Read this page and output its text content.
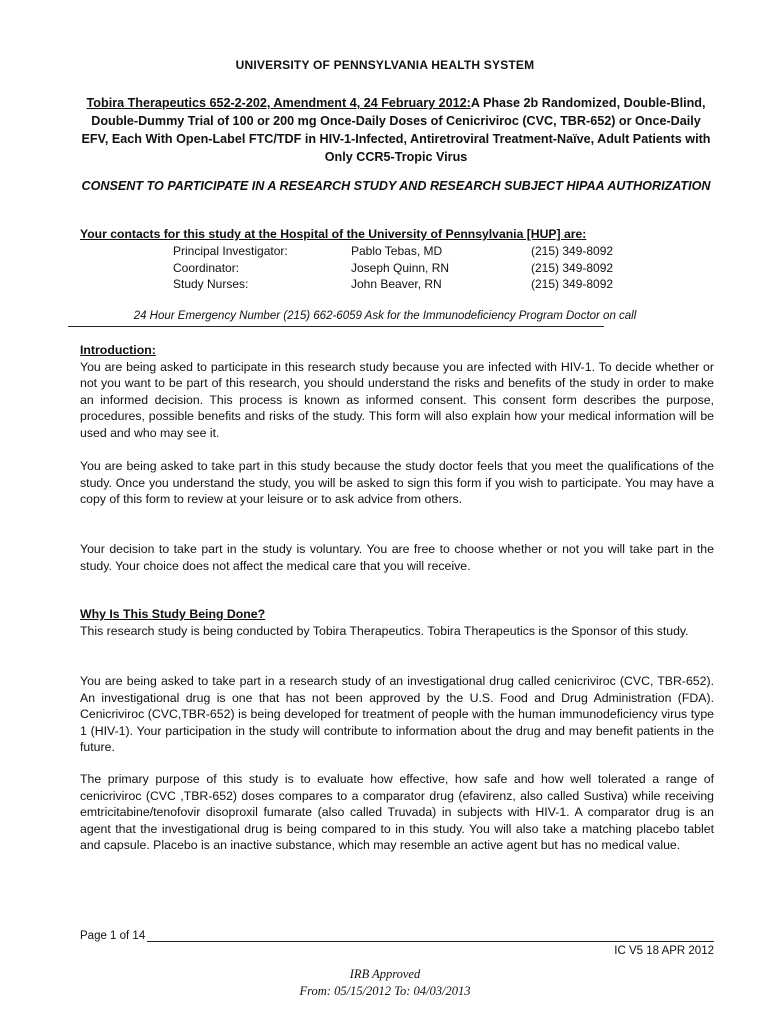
UNIVERSITY OF PENNSYLVANIA HEALTH SYSTEM
Tobira Therapeutics 652-2-202, Amendment 4, 24 February 2012:A Phase 2b Randomized, Double-Blind, Double-Dummy Trial of 100 or 200 mg Once-Daily Doses of Cenicriviroc (CVC, TBR-652) or Once-Daily EFV, Each With Open-Label FTC/TDF in HIV-1-Infected, Antiretroviral Treatment-Naïve, Adult Patients with Only CCR5-Tropic Virus
CONSENT TO PARTICIPATE IN A RESEARCH STUDY AND RESEARCH SUBJECT HIPAA AUTHORIZATION
Your contacts for this study at the Hospital of the University of Pennsylvania [HUP] are:
Principal Investigator:	Pablo Tebas, MD	(215) 349-8092
Coordinator:	Joseph Quinn, RN	(215) 349-8092
Study Nurses:	John Beaver, RN	(215) 349-8092
24 Hour Emergency Number (215) 662-6059 Ask for the Immunodeficiency Program Doctor on call
Introduction:
You are being asked to participate in this research study because you are infected with HIV-1. To decide whether or not you want to be part of this research, you should understand the risks and benefits of the study in order to make an informed decision. This process is known as informed consent. This consent form describes the purpose, procedures, possible benefits and risks of the study. This form will also explain how your medical information will be used and who may see it.
You are being asked to take part in this study because the study doctor feels that you meet the qualifications of the study. Once you understand the study, you will be asked to sign this form if you wish to participate. You may have a copy of this form to review at your leisure or to ask advice from others.
Your decision to take part in the study is voluntary. You are free to choose whether or not you will take part in the study. Your choice does not affect the medical care that you will receive.
Why Is This Study Being Done?
This research study is being conducted by Tobira Therapeutics. Tobira Therapeutics is the Sponsor of this study.
You are being asked to take part in a research study of an investigational drug called cenicriviroc (CVC, TBR-652). An investigational drug is one that has not been approved by the U.S. Food and Drug Administration (FDA). Cenicriviroc (CVC,TBR-652) is being developed for treatment of people with the human immunodeficiency virus type 1 (HIV-1). Your participation in the study will contribute to information about the drug and may benefit patients in the future.
The primary purpose of this study is to evaluate how effective, how safe and how well tolerated a range of cenicriviroc (CVC ,TBR-652) doses compares to a comparator drug (efavirenz, also called Sustiva) while receiving emtricitabine/tenofovir disoproxil fumarate (also called Truvada) in subjects with HIV-1. A comparator drug is an agent that the investigational drug is being compared to in this study. You will also take a matching placebo tablet and capsule. Placebo is an inactive substance, which may resemble an active agent but has no medical value.
Page 1 of 14
IC V5 18 APR 2012
IRB Approved
From: 05/15/2012 To: 04/03/2013
